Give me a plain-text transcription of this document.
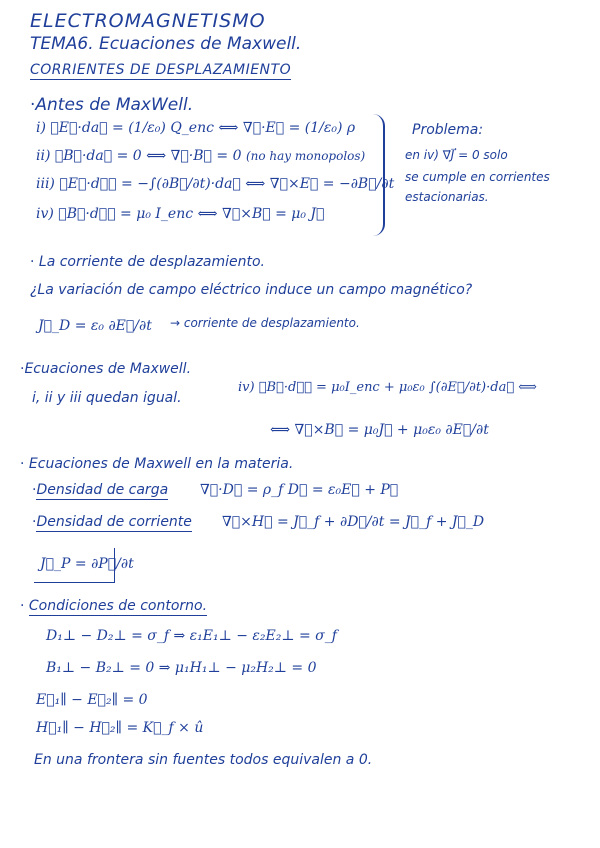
ELECTROMAGNETISMO
TEMA6. Ecuaciones de Maxwell.
CORRIENTES DE DESPLAZAMIENTO
·Antes de MaxWell.
i) ∮E⃗·da⃗ = (1/ε₀) Q_enc ⟺ ∇⃗·E⃗ = (1/ε₀) ρ
ii) ∮B⃗·da⃗ = 0 ⟺ ∇⃗·B⃗ = 0 (no hay monopolos)
iii) ∮E⃗·dℓ⃗ = −∫(∂B⃗/∂t)·da⃗ ⟺ ∇⃗×E⃗ = −∂B⃗/∂t
iv) ∮B⃗·dℓ⃗ = μ₀ I_enc ⟺ ∇⃗×B⃗ = μ₀ J⃗
Problema:
en iv) ∇⃗J⃗ = 0 solo
se cumple en corrientes
estacionarias.
· La corriente de desplazamiento.
¿La variación de campo eléctrico induce un campo magnético?
J⃗_D = ε₀ ∂E⃗/∂t → corriente de desplazamiento.
·Ecuaciones de Maxwell.
i, ii y iii quedan igual.
iv) ∮B⃗·dℓ⃗ = μ₀I_enc + μ₀ε₀ ∫(∂E⃗/∂t)·da⃗ ⟺
⟺ ∇⃗×B⃗ = μ₀J⃗ + μ₀ε₀ ∂E⃗/∂t
· Ecuaciones de Maxwell en la materia.
·Densidad de carga ∇⃗·D⃗ = ρ_f D⃗ = ε₀E⃗ + P⃗
·Densidad de corriente ∇⃗×H⃗ = J⃗_f + ∂D⃗/∂t = J⃗_f + J⃗_D
J⃗_P = ∂P⃗/∂t
· Condiciones de contorno.
D₁⊥ − D₂⊥ = σ_f ⇒ ε₁E₁⊥ − ε₂E₂⊥ = σ_f
B₁⊥ − B₂⊥ = 0 ⇒ μ₁H₁⊥ − μ₂H₂⊥ = 0
E⃗₁∥ − E⃗₂∥ = 0
H⃗₁∥ − H⃗₂∥ = K⃗_f × û
En una frontera sin fuentes todos equivalen a 0.
